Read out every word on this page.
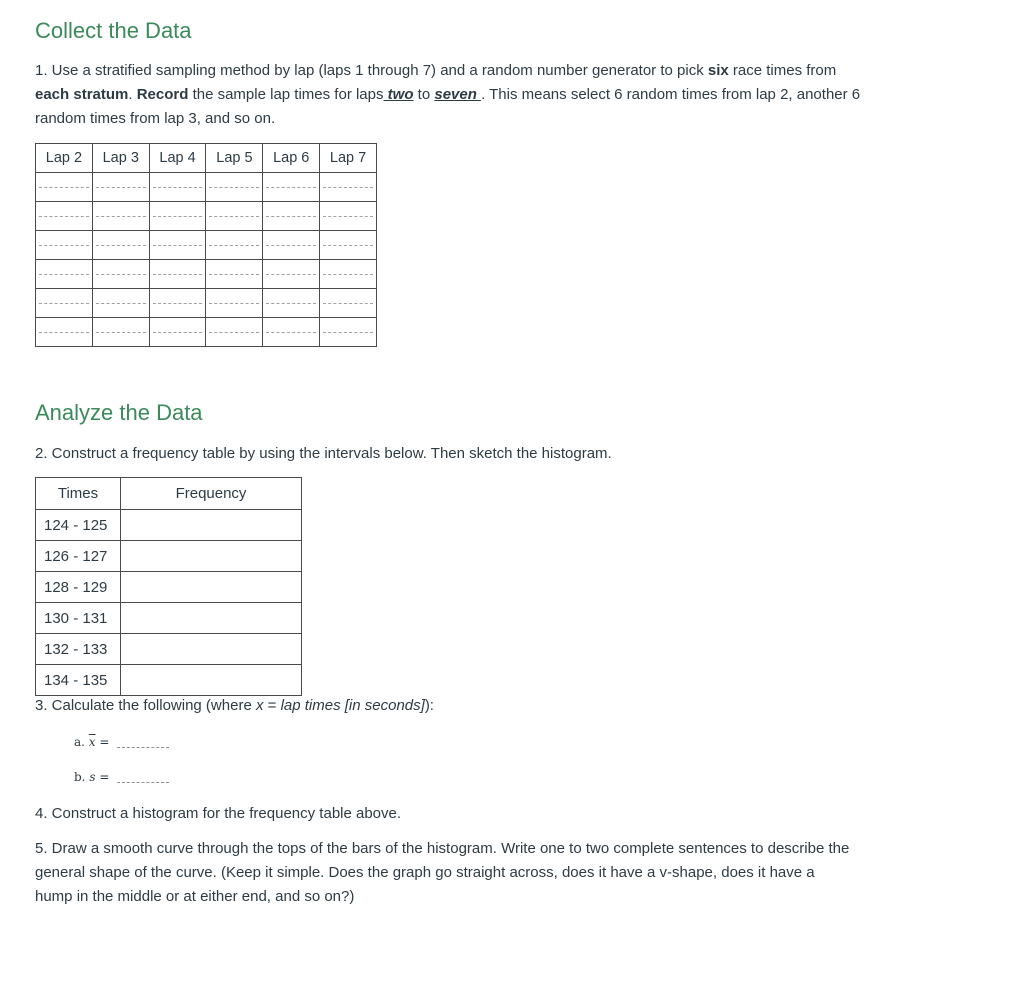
Collect the Data

1. Use a stratified sampling method by lap (laps 1 through 7) and a random number generator to pick six race times from each stratum. Record the sample lap times for laps two to seven . This means select 6 random times from lap 2, another 6 random times from lap 3, and so on.

Lap 2	Lap 3	Lap 4	Lap 5	Lap 6	Lap 7

Analyze the Data

2. Construct a frequency table by using the intervals below. Then sketch the histogram.

Times	Frequency
124 - 125	
126 - 127	
128 - 129	
130 - 131	
132 - 133	
134 - 135	

3. Calculate the following (where x = lap times [in seconds]):

a. $\overline{x}$ =
b. s =

4. Construct a histogram for the frequency table above.

5. Draw a smooth curve through the tops of the bars of the histogram. Write one to two complete sentences to describe the general shape of the curve. (Keep it simple. Does the graph go straight across, does it have a v-shape, does it have a hump in the middle or at either end, and so on?)
